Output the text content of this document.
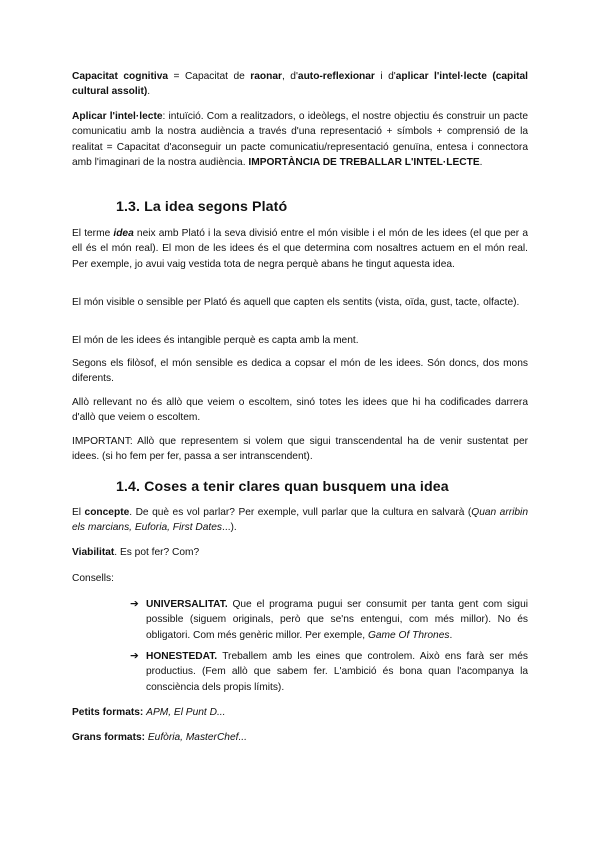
Capacitat cognitiva = Capacitat de raonar, d'auto-reflexionar i d'aplicar l'intel·lecte (capital cultural assolit).

Aplicar l'intel·lecte: intuïció. Com a realitzadors, o ideòlegs, el nostre objectiu és construir un pacte comunicatiu amb la nostra audiència a través d'una representació + símbols + comprensió de la realitat = Capacitat d'aconseguir un pacte comunicatiu/representació genuïna, entesa i connectora amb l'imaginari de la nostra audiència. IMPORTÀNCIA DE TREBALLAR L'INTEL·LECTE.

1.3. La idea segons Plató

El terme idea neix amb Plató i la seva divisió entre el món visible i el món de les idees (el que per a ell és el món real). El mon de les idees és el que determina com nosaltres actuem en el món real. Per exemple, jo avui vaig vestida tota de negra perquè abans he tingut aquesta idea.

El món visible o sensible per Plató és aquell que capten els sentits (vista, oïda, gust, tacte, olfacte).

El món de les idees és intangible perquè es capta amb la ment.

Segons els filòsof, el món sensible es dedica a copsar el món de les idees. Són doncs, dos mons diferents.

Allò rellevant no és allò que veiem o escoltem, sinó totes les idees que hi ha codificades darrera d'allò que veiem o escoltem.

IMPORTANT: Allò que representem si volem que sigui transcendental ha de venir sustentat per idees. (si ho fem per fer, passa a ser intranscendent).

1.4. Coses a tenir clares quan busquem una idea

El concepte. De què es vol parlar? Per exemple, vull parlar que la cultura en salvarà (Quan arribin els marcians, Euforia, First Dates...).

Viabilitat. Es pot fer? Com?

Consells:

➔ UNIVERSALITAT. Que el programa pugui ser consumit per tanta gent com sigui possible (siguem originals, però que se'ns entengui, com més millor). No és obligatori. Com més genèric millor. Per exemple, Game Of Thrones.

➔ HONESTEDAT. Treballem amb les eines que controlem. Això ens farà ser més productius. (Fem allò que sabem fer. L'ambició és bona quan l'acompanya la consciència dels propis límits).

Petits formats: APM, El Punt D...

Grans formats: Eufòria, MasterChef...
